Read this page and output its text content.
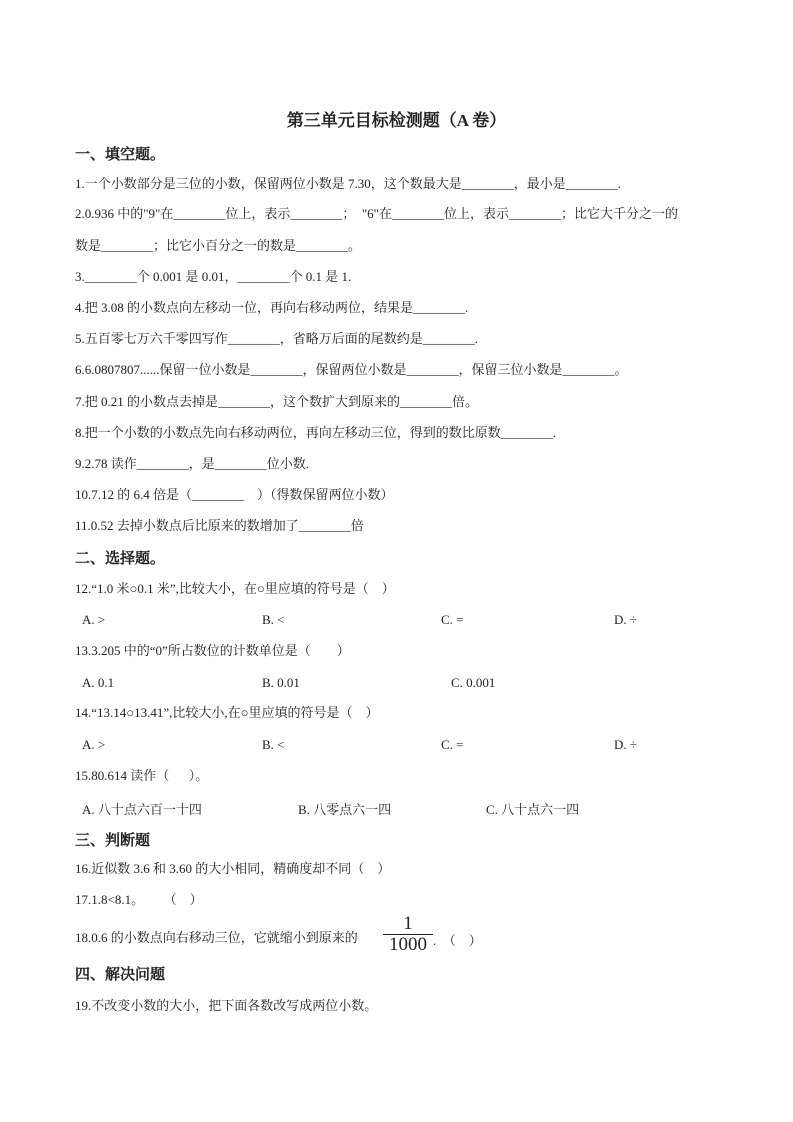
第三单元目标检测题（A 卷）
一、填空题。
1.一个小数部分是三位的小数，保留两位小数是 7.30，这个数最大是________，最小是________.
2.0.936 中的"9"在________位上，表示________；  "6"在________位上，表示________；比它大千分之一的
数是________；比它小百分之一的数是________。
3.________个 0.001 是 0.01，________个 0.1 是 1.
4.把 3.08 的小数点向左移动一位，再向右移动两位，结果是________.
5.五百零七万六千零四写作________，省略万后面的尾数约是________.
6.6.0807807......保留一位小数是________，保留两位小数是________，保留三位小数是________。
7.把 0.21 的小数点去掉是________，这个数扩大到原来的________倍。
8.把一个小数的小数点先向右移动两位，再向左移动三位，得到的数比原数________.
9.2.78 读作________，是________位小数.
10.7.12 的 6.4 倍是（________    ）（得数保留两位小数）
11.0.52 去掉小数点后比原来的数增加了________倍
二、选择题。
12.“1.0 米○0.1 米”,比较大小，在○里应填的符号是（    ）
A. >	B. <	C. =	D. ÷
13.3.205 中的“0”所占数位的计数单位是（        ）
A. 0.1	B. 0.01	C. 0.001
14.“13.14○13.41”,比较大小,在○里应填的符号是（    ）
A. >	B. <	C. =	D. ÷
15.80.614 读作（      ）。
A. 八十点六百一十四	B. 八零点六一四	C. 八十点六一四
三、判断题
16.近似数 3.6 和 3.60 的大小相同，精确度却不同（    ）
17.1.8<8.1。      （    ）
18.0.6 的小数点向右移动三位，它就缩小到原来的 $\frac{1}{1000}$ .  （    ）
四、解决问题
19.不改变小数的大小，把下面各数改写成两位小数。
